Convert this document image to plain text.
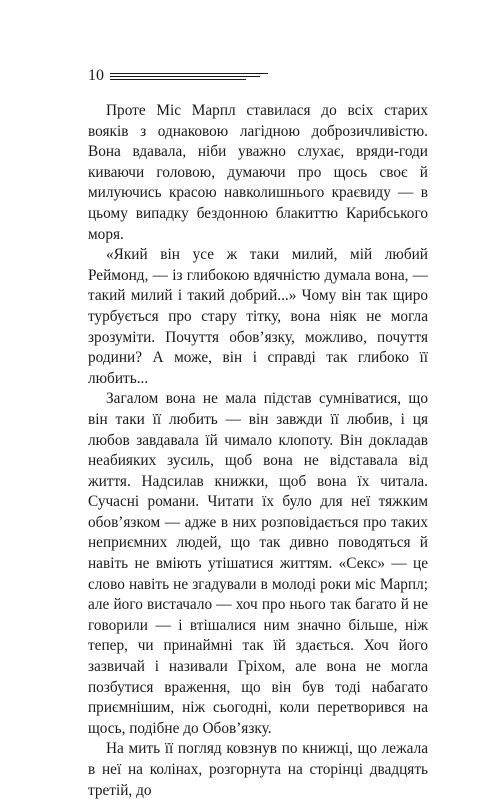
10

Проте Міс Марпл ставилася до всіх старих вояків з однаковою лагідною доброзичливістю. Вона вдавала, ніби уважно слухає, вряди-годи киваючи головою, думаючи про щось своє й милуючись красою навколишнього краєвиду — в цьому випадку бездонною блакиттю Карибського моря.

«Який він усе ж таки милий, мій любий Реймонд, — із глибокою вдячністю думала вона, — такий милий і такий добрий...» Чому він так щиро турбується про стару тітку, вона ніяк не могла зрозуміти. Почуття обов’язку, можливо, почуття родини? А може, він і справді так глибоко її любить...

Загалом вона не мала підстав сумніватися, що він таки її любить — він завжди її любив, і ця любов завдавала їй чимало клопоту. Він докладав неабияких зусиль, щоб вона не відставала від життя. Надсилав книжки, щоб вона їх читала. Сучасні романи. Читати їх було для неї тяжким обов’язком — адже в них розповідається про таких неприємних людей, що так дивно поводяться й навіть не вміють утішатися життям. «Секс» — це слово навіть не згадували в молоді роки міс Марпл; але його вистачало — хоч про нього так багато й не говорили — і втішалися ним значно більше, ніж тепер, чи принаймні так їй здається. Хоч його зазвичай і називали Гріхом, але вона не могла позбутися враження, що він був тоді набагато приємнішим, ніж сьогодні, коли перетворився на щось, подібне до Обов’язку.

На мить її погляд ковзнув по книжці, що лежала в неї на колінах, розгорнута на сторінці двадцять третій, до
